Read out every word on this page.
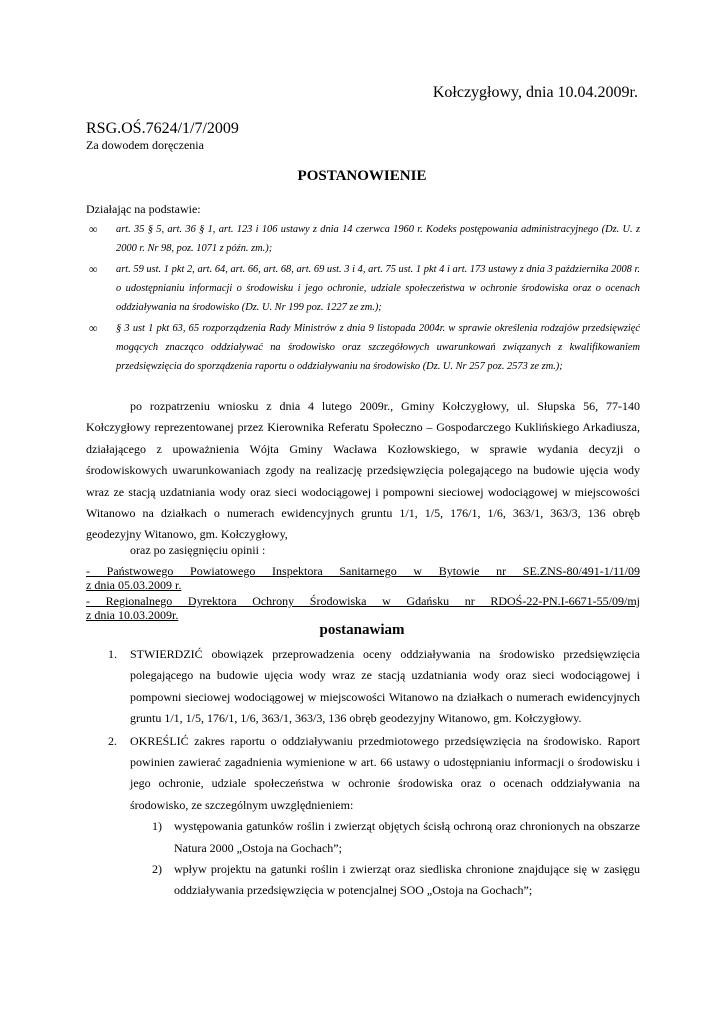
Kołczygłowy, dnia 10.04.2009r.
RSG.OŚ.7624/1/7/2009
Za dowodem doręczenia
POSTANOWIENIE
Działając na podstawie:
∞ art. 35 § 5, art. 36 § 1, art. 123 i 106 ustawy z dnia 14 czerwca 1960 r. Kodeks postępowania administracyjnego (Dz. U. z 2000 r. Nr 98, poz. 1071 z późn. zm.);
∞ art. 59 ust. 1 pkt 2, art. 64, art. 66, art. 68, art. 69 ust. 3 i 4, art. 75 ust. 1 pkt 4 i art. 173 ustawy z dnia 3 października 2008 r. o udostępnianiu informacji o środowisku i jego ochronie, udziale społeczeństwa w ochronie środowiska oraz o ocenach oddziaływania na środowisko (Dz. U. Nr 199 poz. 1227 ze zm.);
∞ § 3 ust 1 pkt 63, 65 rozporządzenia Rady Ministrów z dnia 9 listopada 2004r. w sprawie określenia rodzajów przedsięwzięć mogących znacząco oddziaływać na środowisko oraz szczegółowych uwarunkowań związanych z kwalifikowaniem przedsięwzięcia do sporządzenia raportu o oddziaływaniu na środowisko (Dz. U. Nr 257 poz. 2573 ze zm.);

po rozpatrzeniu wniosku z dnia 4 lutego 2009r., Gminy Kołczygłowy, ul. Słupska 56, 77-140 Kołczygłowy reprezentowanej przez Kierownika Referatu Społeczno – Gospodarczego Kuklińskiego Arkadiusza, działającego z upoważnienia Wójta Gminy Wacława Kozłowskiego, w sprawie wydania decyzji o środowiskowych uwarunkowaniach zgody na realizację przedsięwzięcia polegającego na budowie ujęcia wody wraz ze stacją uzdatniania wody oraz sieci wodociągowej i pompowni sieciowej wodociągowej w miejscowości Witanowo na działkach o numerach ewidencyjnych gruntu 1/1, 1/5, 176/1, 1/6, 363/1, 363/3, 136 obręb geodezyjny Witanowo, gm. Kołczygłowy,

oraz po zasięgnięciu opinii :
- Państwowego Powiatowego Inspektora Sanitarnego w Bytowie nr SE.ZNS-80/491-1/11/09
z dnia 05.03.2009 r.
- Regionalnego Dyrektora Ochrony Środowiska w Gdańsku nr RDOŚ-22-PN.I-6671-55/09/mj
z dnia 10.03.2009r.
postanawiam
1. STWIERDZIĆ obowiązek przeprowadzenia oceny oddziaływania na środowisko przedsięwzięcia polegającego na budowie ujęcia wody wraz ze stacją uzdatniania wody oraz sieci wodociągowej i pompowni sieciowej wodociągowej w miejscowości Witanowo na działkach o numerach ewidencyjnych gruntu 1/1, 1/5, 176/1, 1/6, 363/1, 363/3, 136 obręb geodezyjny Witanowo, gm. Kołczygłowy.
2. OKREŚLIĆ zakres raportu o oddziaływaniu przedmiotowego przedsięwzięcia na środowisko. Raport powinien zawierać zagadnienia wymienione w art. 66 ustawy o udostępnianiu informacji o środowisku i jego ochronie, udziale społeczeństwa w ochronie środowiska oraz o ocenach oddziaływania na środowisko, ze szczególnym uwzględnieniem:
1) występowania gatunków roślin i zwierząt objętych ścisłą ochroną oraz chronionych na obszarze Natura 2000 „Ostoja na Gochach”;
2) wpływ projektu na gatunki roślin i zwierząt oraz siedliska chronione znajdujące się w zasięgu oddziaływania przedsięwzięcia w potencjalnej SOO „Ostoja na Gochach”;
